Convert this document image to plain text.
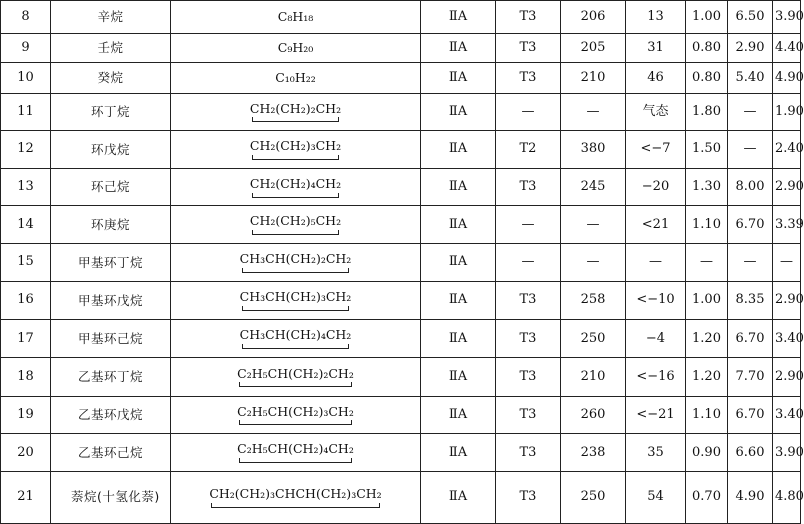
8	辛烷	C₈H₁₈	ⅡA	T3	206	13	1.00	6.50	3.90
9	壬烷	C₉H₂₀	ⅡA	T3	205	31	0.80	2.90	4.40
10	癸烷	C₁₀H₂₂	ⅡA	T3	210	46	0.80	5.40	4.90
11	环丁烷	CH₂(CH₂)₂CH₂	ⅡA	—	—	气态	1.80	—	1.90
12	环戊烷	CH₂(CH₂)₃CH₂	ⅡA	T2	380	<−7	1.50	—	2.40
13	环己烷	CH₂(CH₂)₄CH₂	ⅡA	T3	245	−20	1.30	8.00	2.90
14	环庚烷	CH₂(CH₂)₅CH₂	ⅡA	—	—	<21	1.10	6.70	3.39
15	甲基环丁烷	CH₃CH(CH₂)₂CH₂	ⅡA	—	—	—	—	—	—
16	甲基环戊烷	CH₃CH(CH₂)₃CH₂	ⅡA	T3	258	<−10	1.00	8.35	2.90
17	甲基环己烷	CH₃CH(CH₂)₄CH₂	ⅡA	T3	250	−4	1.20	6.70	3.40
18	乙基环丁烷	C₂H₅CH(CH₂)₂CH₂	ⅡA	T3	210	<−16	1.20	7.70	2.90
19	乙基环戊烷	C₂H₅CH(CH₂)₃CH₂	ⅡA	T3	260	<−21	1.10	6.70	3.40
20	乙基环己烷	C₂H₅CH(CH₂)₄CH₂	ⅡA	T3	238	35	0.90	6.60	3.90
21	萘烷(十氢化萘)	CH₂(CH₂)₃CHCH(CH₂)₃CH₂	ⅡA	T3	250	54	0.70	4.90	4.80
